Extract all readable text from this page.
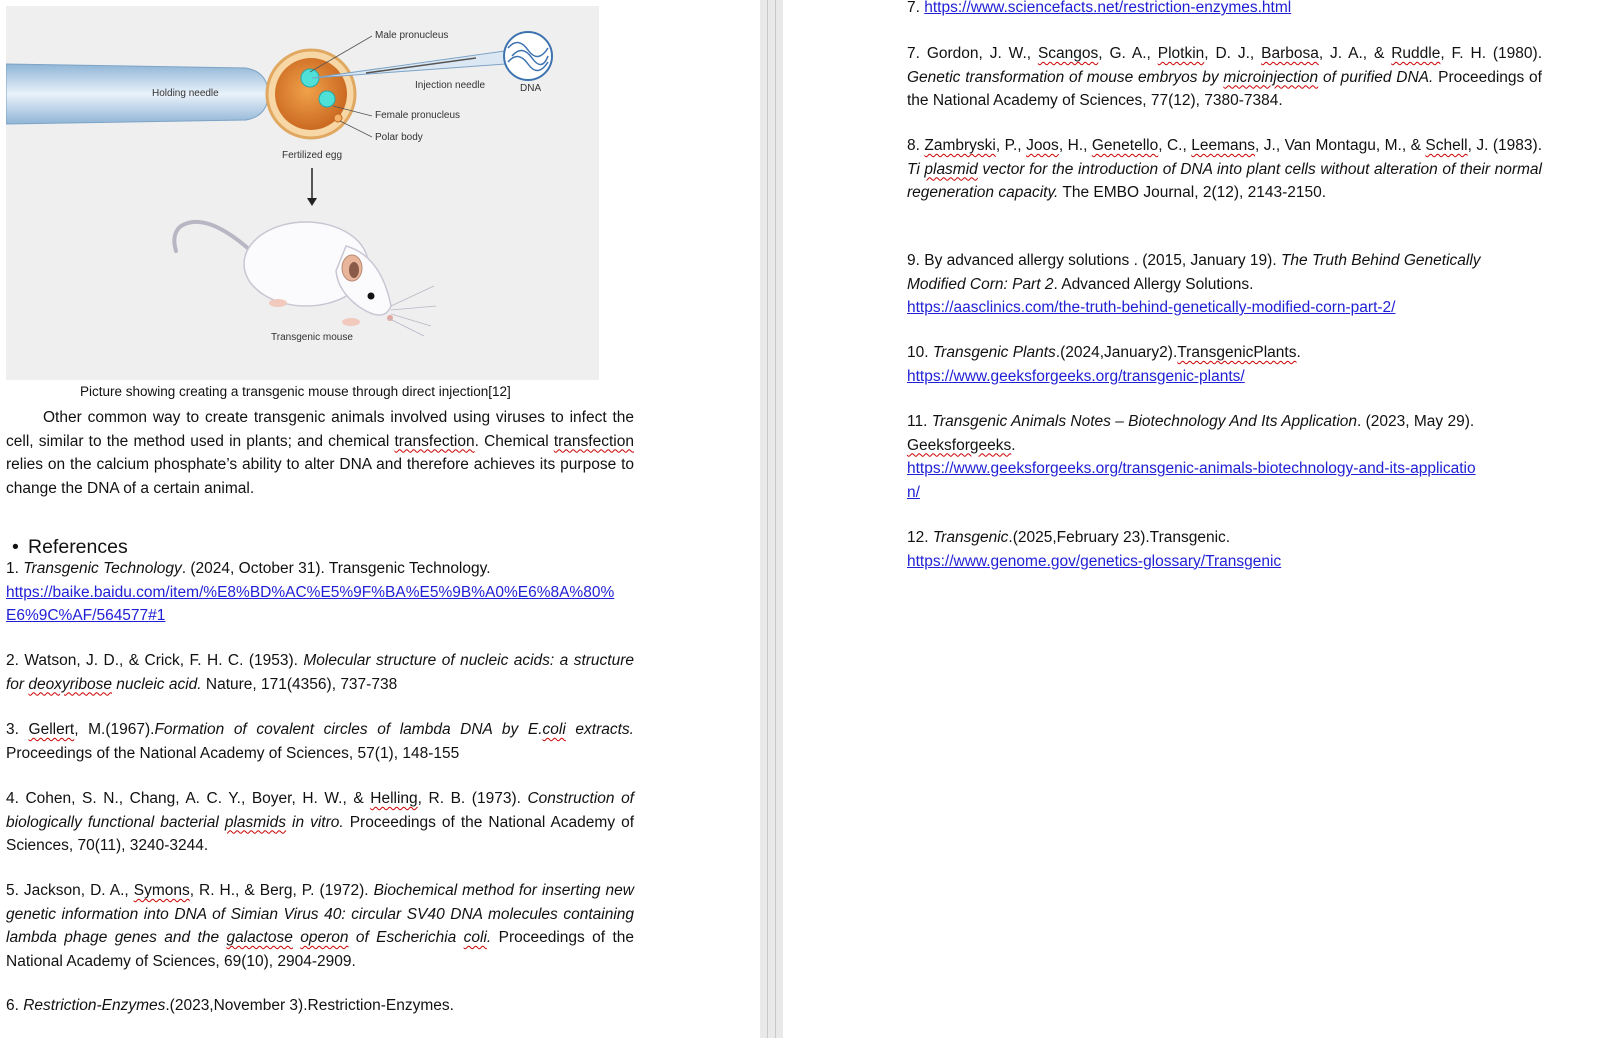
Holding needle	DNA
Male pronucleus
Injection needle
Female pronucleus
Polar body
Fertilized egg
Transgenic mouse
Picture showing creating a transgenic mouse through direct injection[12]
Other common way to create transgenic animals involved using viruses to infect the cell, similar to the method used in plants; and chemical transfection. Chemical transfection relies on the calcium phosphate’s ability to alter DNA and therefore achieves its purpose to change the DNA of a certain animal.
• References
1. Transgenic Technology. (2024, October 31). Transgenic Technology.
https://baike.baidu.com/item/%E8%BD%AC%E5%9F%BA%E5%9B%A0%E6%8A%80%
E6%9C%AF/564577#1
2. Watson, J. D., & Crick, F. H. C. (1953). Molecular structure of nucleic acids: a structure for deoxyribose nucleic acid. Nature, 171(4356), 737-738
3. Gellert, M.(1967).Formation of covalent circles of lambda DNA by E.coli extracts. Proceedings of the National Academy of Sciences, 57(1), 148-155
4. Cohen, S. N., Chang, A. C. Y., Boyer, H. W., & Helling, R. B. (1973). Construction of biologically functional bacterial plasmids in vitro. Proceedings of the National Academy of Sciences, 70(11), 3240-3244.
5. Jackson, D. A., Symons, R. H., & Berg, P. (1972). Biochemical method for inserting new genetic information into DNA of Simian Virus 40: circular SV40 DNA molecules containing lambda phage genes and the galactose operon of Escherichia coli. Proceedings of the National Academy of Sciences, 69(10), 2904-2909.
6. Restriction-Enzymes.(2023,November 3).Restriction-Enzymes.
7. https://www.sciencefacts.net/restriction-enzymes.html
7. Gordon, J. W., Scangos, G. A., Plotkin, D. J., Barbosa, J. A., & Ruddle, F. H. (1980). Genetic transformation of mouse embryos by microinjection of purified DNA. Proceedings of the National Academy of Sciences, 77(12), 7380-7384.
8. Zambryski, P., Joos, H., Genetello, C., Leemans, J., Van Montagu, M., & Schell, J. (1983). Ti plasmid vector for the introduction of DNA into plant cells without alteration of their normal regeneration capacity. The EMBO Journal, 2(12), 2143-2150.
9. By advanced allergy solutions . (2015, January 19). The Truth Behind Genetically Modified Corn: Part 2. Advanced Allergy Solutions.
https://aasclinics.com/the-truth-behind-genetically-modified-corn-part-2/
10. Transgenic Plants.(2024,January2).TransgenicPlants.
https://www.geeksforgeeks.org/transgenic-plants/
11. Transgenic Animals Notes – Biotechnology And Its Application. (2023, May 29). Geeksforgeeks.
https://www.geeksforgeeks.org/transgenic-animals-biotechnology-and-its-applicatio
n/
12. Transgenic.(2025,February 23).Transgenic.
https://www.genome.gov/genetics-glossary/Transgenic
